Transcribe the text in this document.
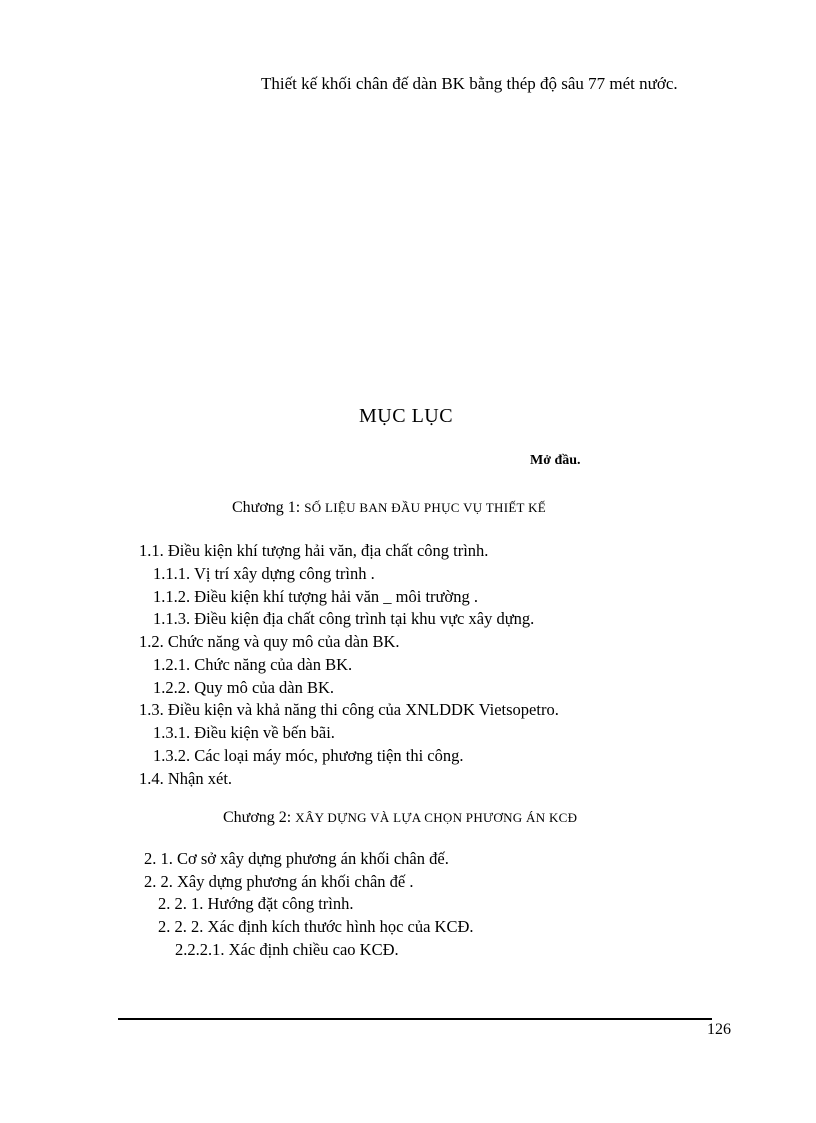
Thiết kế khối chân đế dàn BK bằng thép độ sâu 77 mét nước.
MỤC LỤC
Mở đầu.
Chương 1: SỐ LIỆU BAN ĐẦU PHỤC VỤ THIẾT KẾ
1.1. Điều kiện khí tượng hải văn, địa chất công trình.
1.1.1. Vị trí xây dựng công trình .
1.1.2. Điều kiện khí tượng hải văn _ môi trường .
1.1.3. Điều kiện địa chất công trình tại khu vực xây dựng.
1.2. Chức năng và quy mô của dàn BK.
1.2.1. Chức năng của dàn BK.
1.2.2. Quy mô của dàn BK.
1.3. Điều kiện và khả năng thi công của XNLDDK Vietsopetro.
1.3.1. Điều kiện về bến bãi.
1.3.2. Các loại máy móc, phương tiện thi công.
1.4. Nhận xét.
Chương 2: XÂY DỰNG VÀ LỰA CHỌN PHƯƠNG ÁN KCĐ
2. 1. Cơ sở xây dựng phương án khối chân đế.
2. 2. Xây dựng phương án khối chân đế .
2. 2. 1. Hướng đặt công trình.
2. 2. 2. Xác định kích thước hình học của KCĐ.
2.2.2.1. Xác định chiều cao KCĐ.
126
